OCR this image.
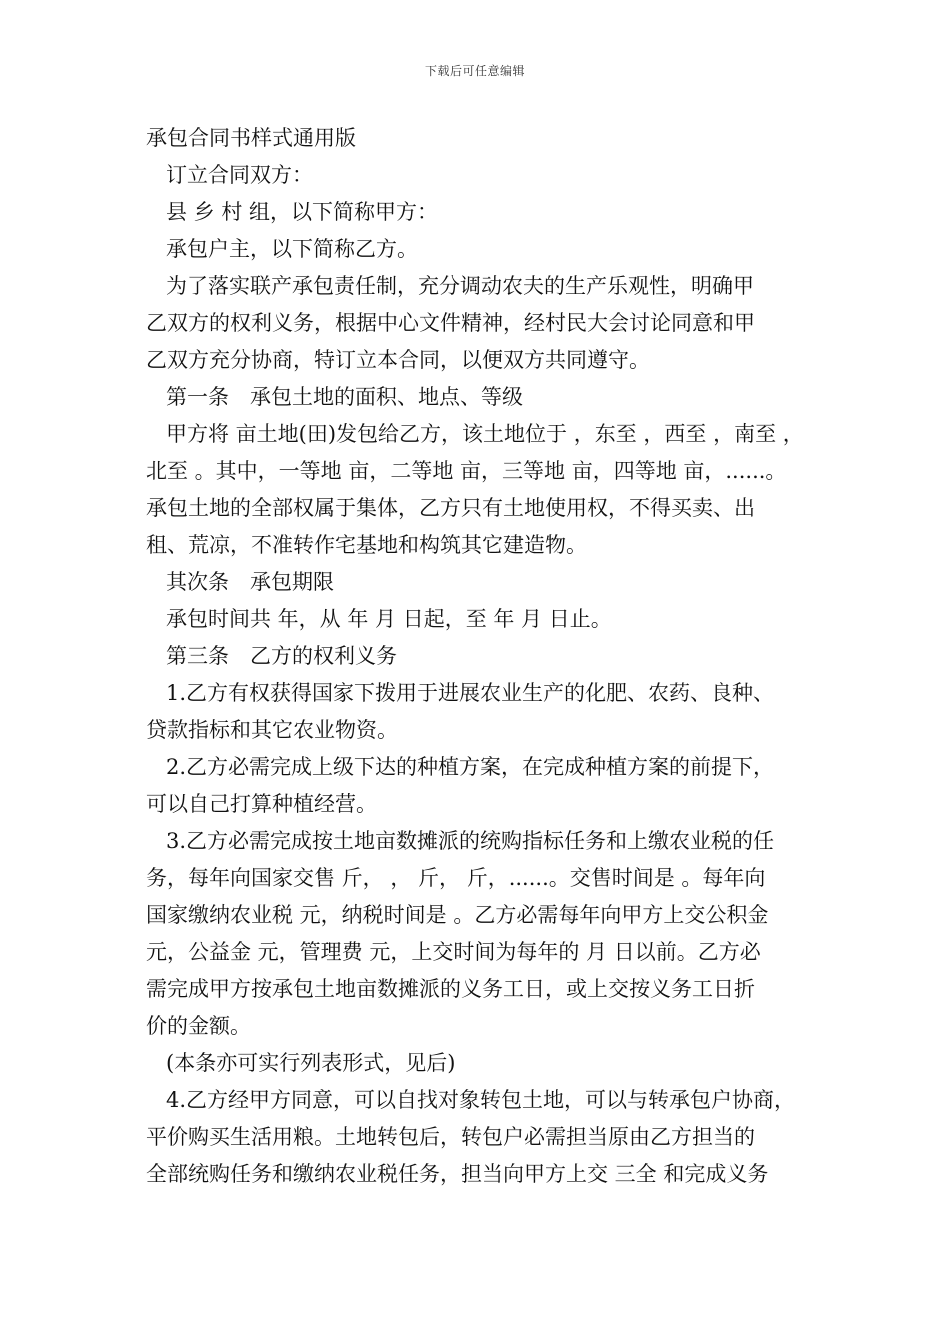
下载后可任意编辑
承包合同书样式通用版
订立合同双方：
县 乡 村 组，以下简称甲方：
承包户主，以下简称乙方。
为了落实联产承包责任制，充分调动农夫的生产乐观性，明确甲
乙双方的权利义务，根据中心文件精神，经村民大会讨论同意和甲
乙双方充分协商，特订立本合同，以便双方共同遵守。
第一条　承包土地的面积、地点、等级
甲方将 亩土地(田)发包给乙方，该土地位于 ，东至 ，西至 ，南至 ，
北至 。其中，一等地 亩，二等地 亩，三等地 亩，四等地 亩，......。
承包土地的全部权属于集体，乙方只有土地使用权，不得买卖、出
租、荒凉，不准转作宅基地和构筑其它建造物。
其次条　承包期限
承包时间共 年，从 年 月 日起，至 年 月 日止。
第三条　乙方的权利义务
1.乙方有权获得国家下拨用于进展农业生产的化肥、农药、良种、
贷款指标和其它农业物资。
2.乙方必需完成上级下达的种植方案，在完成种植方案的前提下，
可以自己打算种植经营。
3.乙方必需完成按土地亩数摊派的统购指标任务和上缴农业税的任
务，每年向国家交售 斤， ， 斤， 斤，......。交售时间是 。每年向
国家缴纳农业税 元，纳税时间是 。乙方必需每年向甲方上交公积金
元，公益金 元，管理费 元，上交时间为每年的 月 日以前。乙方必
需完成甲方按承包土地亩数摊派的义务工日，或上交按义务工日折
价的金额。
(本条亦可实行列表形式，见后)
4.乙方经甲方同意，可以自找对象转包土地，可以与转承包户协商，
平价购买生活用粮。土地转包后，转包户必需担当原由乙方担当的
全部统购任务和缴纳农业税任务，担当向甲方上交 三全 和完成义务
